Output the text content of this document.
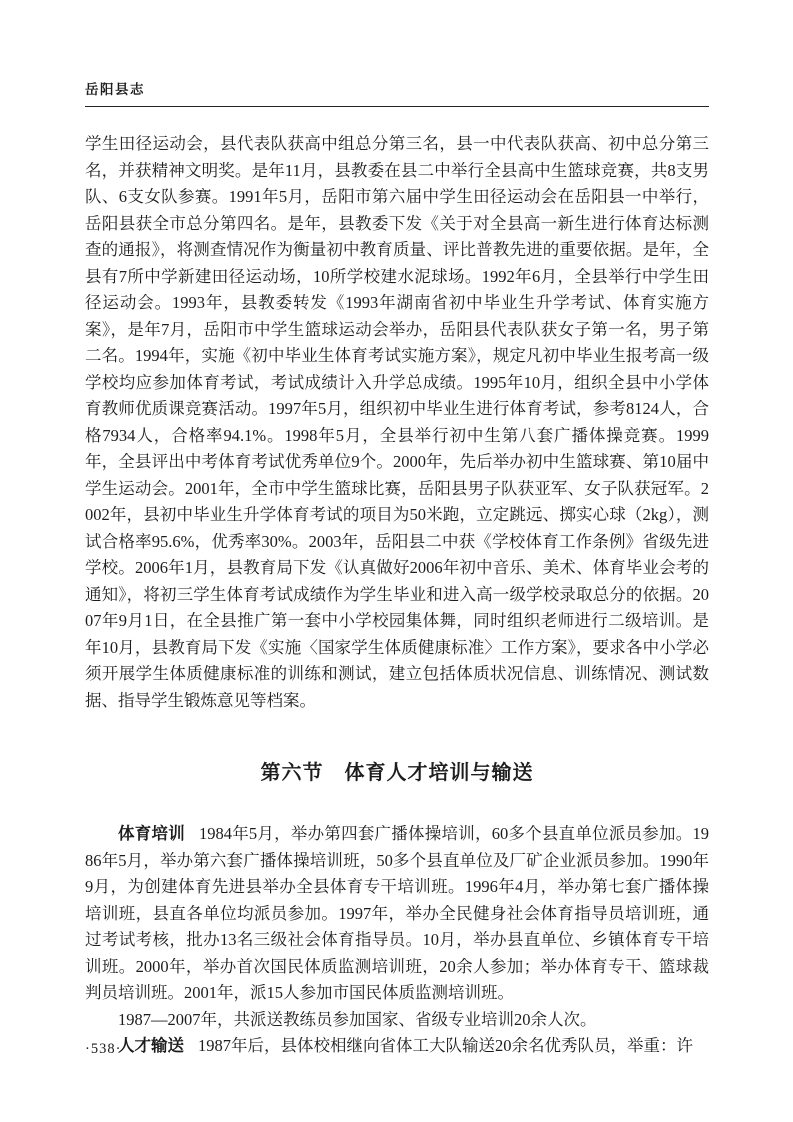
岳阳县志

学生田径运动会，县代表队获高中组总分第三名，县一中代表队获高、初中总分第三名，并获精神文明奖。是年11月，县教委在县二中举行全县高中生篮球竞赛，共8支男队、6支女队参赛。1991年5月，岳阳市第六届中学生田径运动会在岳阳县一中举行，岳阳县获全市总分第四名。是年，县教委下发《关于对全县高一新生进行体育达标测查的通报》，将测查情况作为衡量初中教育质量、评比普教先进的重要依据。是年，全县有7所中学新建田径运动场，10所学校建水泥球场。1992年6月，全县举行中学生田径运动会。1993年，县教委转发《1993年湖南省初中毕业生升学考试、体育实施方案》，是年7月，岳阳市中学生篮球运动会举办，岳阳县代表队获女子第一名，男子第二名。1994年，实施《初中毕业生体育考试实施方案》，规定凡初中毕业生报考高一级学校均应参加体育考试，考试成绩计入升学总成绩。1995年10月，组织全县中小学体育教师优质课竞赛活动。1997年5月，组织初中毕业生进行体育考试，参考8124人，合格7934人，合格率94.1%。1998年5月，全县举行初中生第八套广播体操竞赛。1999年，全县评出中考体育考试优秀单位9个。2000年，先后举办初中生篮球赛、第10届中学生运动会。2001年，全市中学生篮球比赛，岳阳县男子队获亚军、女子队获冠军。2002年，县初中毕业生升学体育考试的项目为50米跑，立定跳远、掷实心球（2kg），测试合格率95.6%，优秀率30%。2003年，岳阳县二中获《学校体育工作条例》省级先进学校。2006年1月，县教育局下发《认真做好2006年初中音乐、美术、体育毕业会考的通知》，将初三学生体育考试成绩作为学生毕业和进入高一级学校录取总分的依据。2007年9月1日，在全县推广第一套中小学校园集体舞，同时组织老师进行二级培训。是年10月，县教育局下发《实施〈国家学生体质健康标准〉工作方案》，要求各中小学必须开展学生体质健康标准的训练和测试，建立包括体质状况信息、训练情况、测试数据、指导学生锻炼意见等档案。

第六节　体育人才培训与输送

体育培训 1984年5月，举办第四套广播体操培训，60多个县直单位派员参加。1986年5月，举办第六套广播体操培训班，50多个县直单位及厂矿企业派员参加。1990年9月，为创建体育先进县举办全县体育专干培训班。1996年4月，举办第七套广播体操培训班，县直各单位均派员参加。1997年，举办全民健身社会体育指导员培训班，通过考试考核，批办13名三级社会体育指导员。10月，举办县直单位、乡镇体育专干培训班。2000年，举办首次国民体质监测培训班，20余人参加；举办体育专干、篮球裁判员培训班。2001年，派15人参加市国民体质监测培训班。

1987—2007年，共派送教练员参加国家、省级专业培训20余人次。

人才输送 1987年后，县体校相继向省体工大队输送20余名优秀队员，举重：许

·538·
